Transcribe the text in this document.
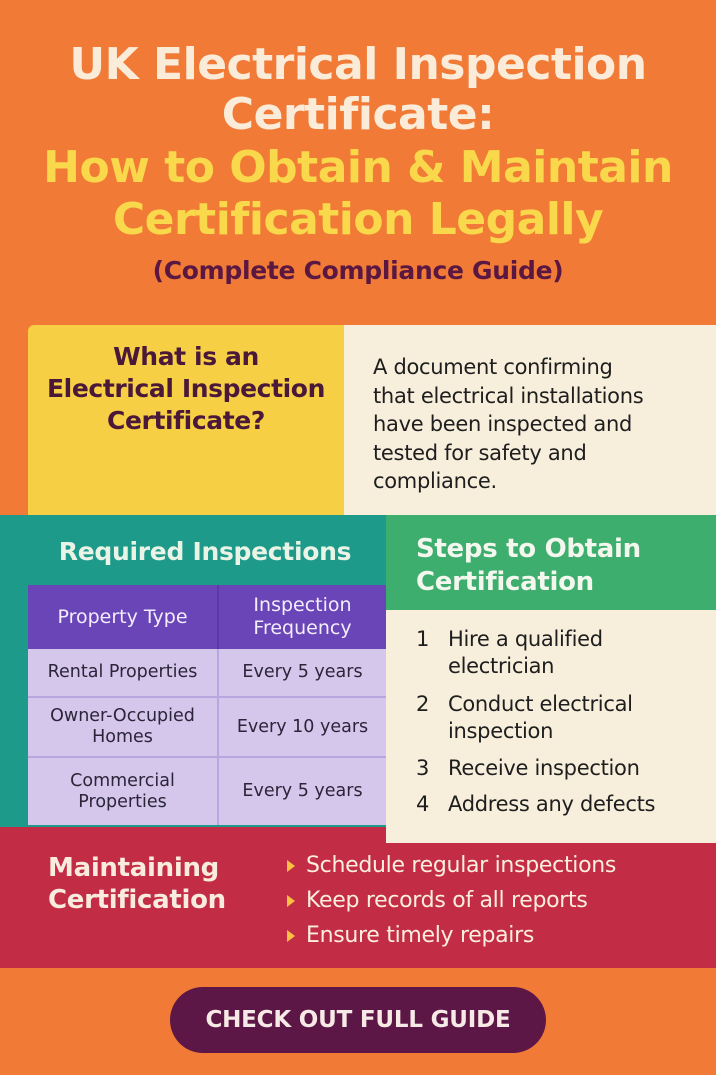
UK Electrical Inspection
Certificate:
How to Obtain & Maintain
Certification Legally
(Complete Compliance Guide)
What is an
Electrical Inspection
Certificate?
A document confirming
that electrical installations
have been inspected and
tested for safety and
compliance.
Required Inspections
Property Type	Inspection
Frequency

Rental Properties	Every 5 years

Owner-Occupied
Homes	Every 10 years

Commercial
Properties	Every 5 years
Steps to Obtain
Certification
1 Hire a qualified
electrician
2 Conduct electrical
inspection
3 Receive inspection
4 Address any defects
Maintaining
Certification
Schedule regular inspections
Keep records of all reports
Ensure timely repairs
CHECK OUT FULL GUIDE
